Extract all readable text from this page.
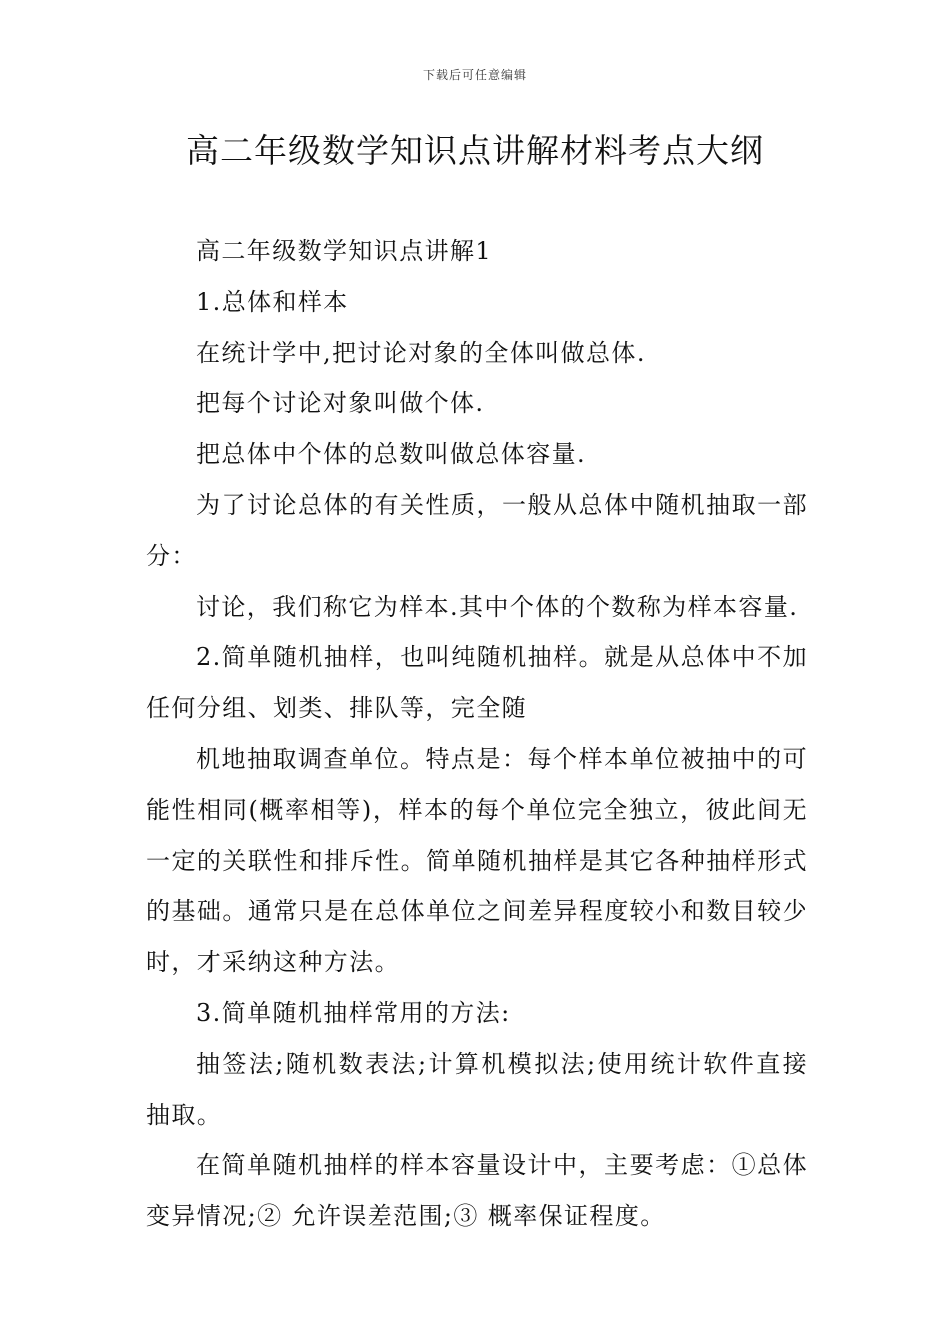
下载后可任意编辑
高二年级数学知识点讲解材料考点大纲

高二年级数学知识点讲解1

1.总体和样本

在统计学中,把讨论对象的全体叫做总体.

把每个讨论对象叫做个体.

把总体中个体的总数叫做总体容量.

为了讨论总体的有关性质，一般从总体中随机抽取一部分：

讨论，我们称它为样本.其中个体的个数称为样本容量.

2.简单随机抽样，也叫纯随机抽样。就是从总体中不加任何分组、划类、排队等，完全随

机地抽取调查单位。特点是：每个样本单位被抽中的可能性相同(概率相等)，样本的每个单位完全独立，彼此间无一定的关联性和排斥性。简单随机抽样是其它各种抽样形式的基础。通常只是在总体单位之间差异程度较小和数目较少时，才采纳这种方法。

3.简单随机抽样常用的方法:

抽签法;随机数表法;计算机模拟法;使用统计软件直接抽取。

在简单随机抽样的样本容量设计中，主要考虑：①总体变异情况;② 允许误差范围;③ 概率保证程度。
